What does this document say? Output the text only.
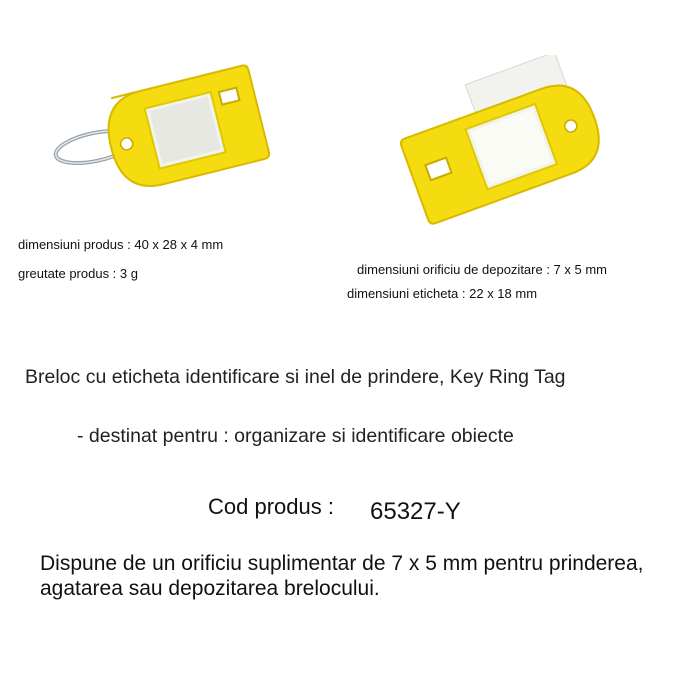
dimensiuni produs : 40 x 28 x 4 mm
greutate produs : 3 g	dimensiuni orificiu de depozitare : 7 x 5 mm
dimensiuni eticheta : 22 x 18 mm
Breloc cu eticheta identificare si inel de prindere, Key Ring Tag
- destinat pentru : organizare si identificare obiecte
Cod produs : 65327-Y
Dispune de un orificiu suplimentar de 7 x 5 mm pentru prinderea, agatarea sau depozitarea brelocului.
